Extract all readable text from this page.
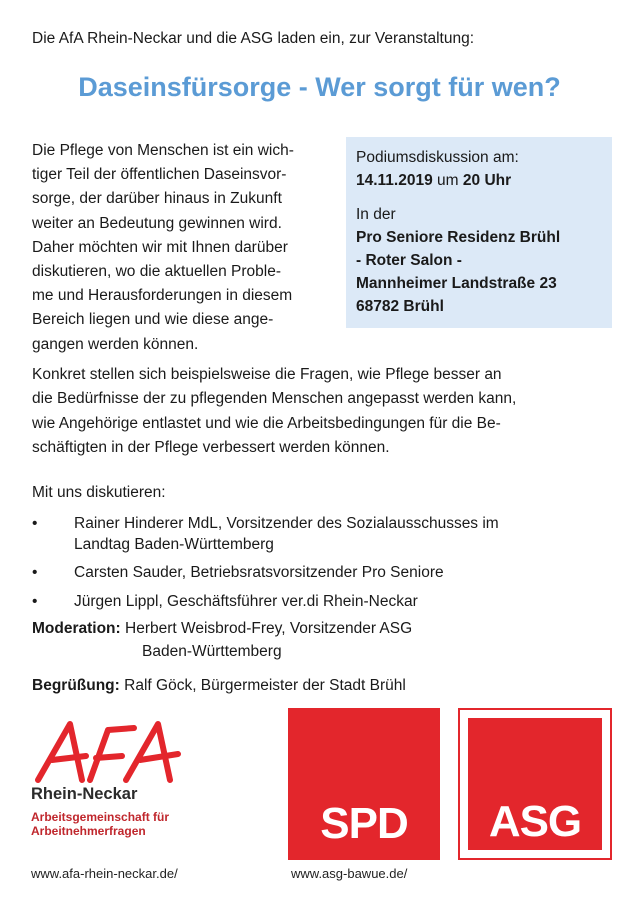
Die AfA Rhein-Neckar und die ASG laden ein, zur Veranstaltung:
Daseinsfürsorge - Wer sorgt für wen?
Die Pflege von Menschen ist ein wich-
tiger Teil der öffentlichen Daseinsvor-
sorge, der darüber hinaus in Zukunft
weiter an Bedeutung gewinnen wird.
Daher möchten wir mit Ihnen darüber
diskutieren, wo die aktuellen Proble-
me und Herausforderungen in diesem
Bereich liegen und wie diese ange-
gangen werden können.
Podiumsdiskussion am:
14.11.2019 um 20 Uhr
In der
Pro Seniore Residenz Brühl
- Roter Salon -
Mannheimer Landstraße 23
68782 Brühl
Konkret stellen sich beispielsweise die Fragen, wie Pflege besser an
die Bedürfnisse der zu pflegenden Menschen angepasst werden kann,
wie Angehörige entlastet und wie die Arbeitsbedingungen für die Be-
schäftigten in der Pflege verbessert werden können.
Mit uns diskutieren:
• Rainer Hinderer MdL, Vorsitzender des Sozialausschusses im
Landtag Baden-Württemberg
• Carsten Sauder, Betriebsratsvorsitzender Pro Seniore
• Jürgen Lippl, Geschäftsführer ver.di Rhein-Neckar
Moderation: Herbert Weisbrod-Frey, Vorsitzender ASG
Baden-Württemberg
Begrüßung: Ralf Göck, Bürgermeister der Stadt Brühl
Rhein-Neckar
Arbeitsgemeinschaft für
Arbeitnehmerfragen	SPD	ASG
www.afa-rhein-neckar.de/	www.asg-bawue.de/
